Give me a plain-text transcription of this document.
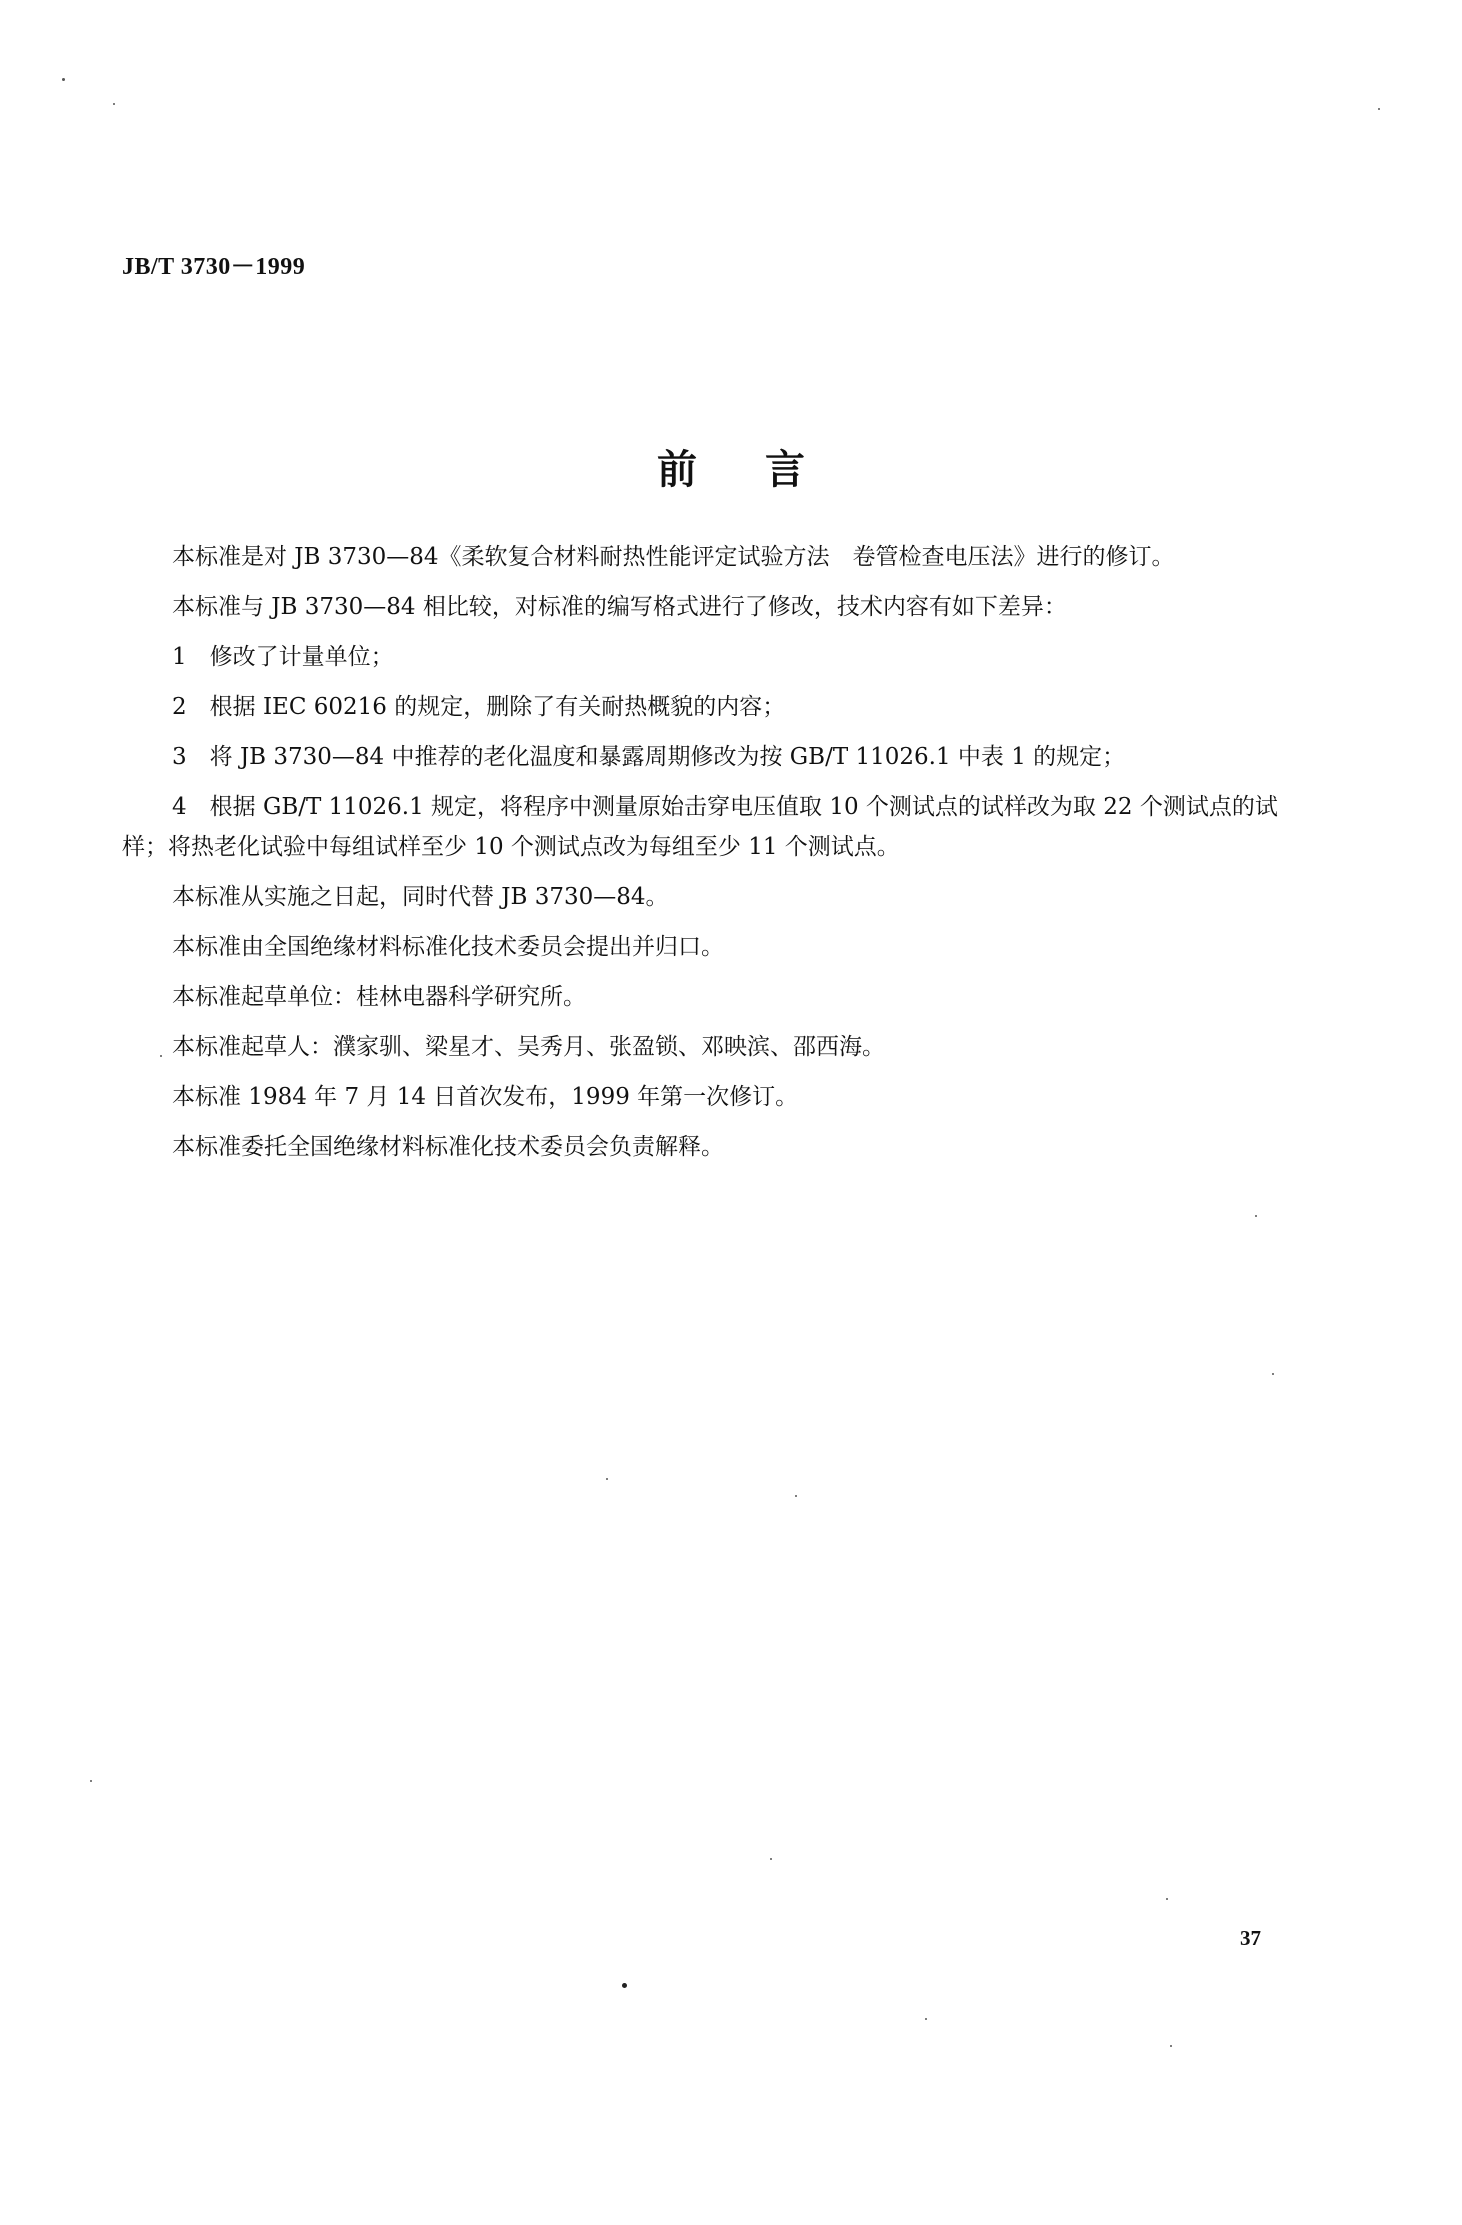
JB/T 3730－1999
前言

本标准是对 JB 3730—84《柔软复合材料耐热性能评定试验方法　卷管检查电压法》进行的修订。

本标准与 JB 3730—84 相比较，对标准的编写格式进行了修改，技术内容有如下差异：

1　修改了计量单位；

2　根据 IEC 60216 的规定，删除了有关耐热概貌的内容；

3　将 JB 3730—84 中推荐的老化温度和暴露周期修改为按 GB/T 11026.1 中表 1 的规定；

4　根据 GB/T 11026.1 规定，将程序中测量原始击穿电压值取 10 个测试点的试样改为取 22 个测试点的试样；将热老化试验中每组试样至少 10 个测试点改为每组至少 11 个测试点。

本标准从实施之日起，同时代替 JB 3730—84。

本标准由全国绝缘材料标准化技术委员会提出并归口。

本标准起草单位：桂林电器科学研究所。

本标准起草人：濮家驯、梁星才、吴秀月、张盈锁、邓映滨、邵西海。

本标准 1984 年 7 月 14 日首次发布，1999 年第一次修订。

本标准委托全国绝缘材料标准化技术委员会负责解释。

37
